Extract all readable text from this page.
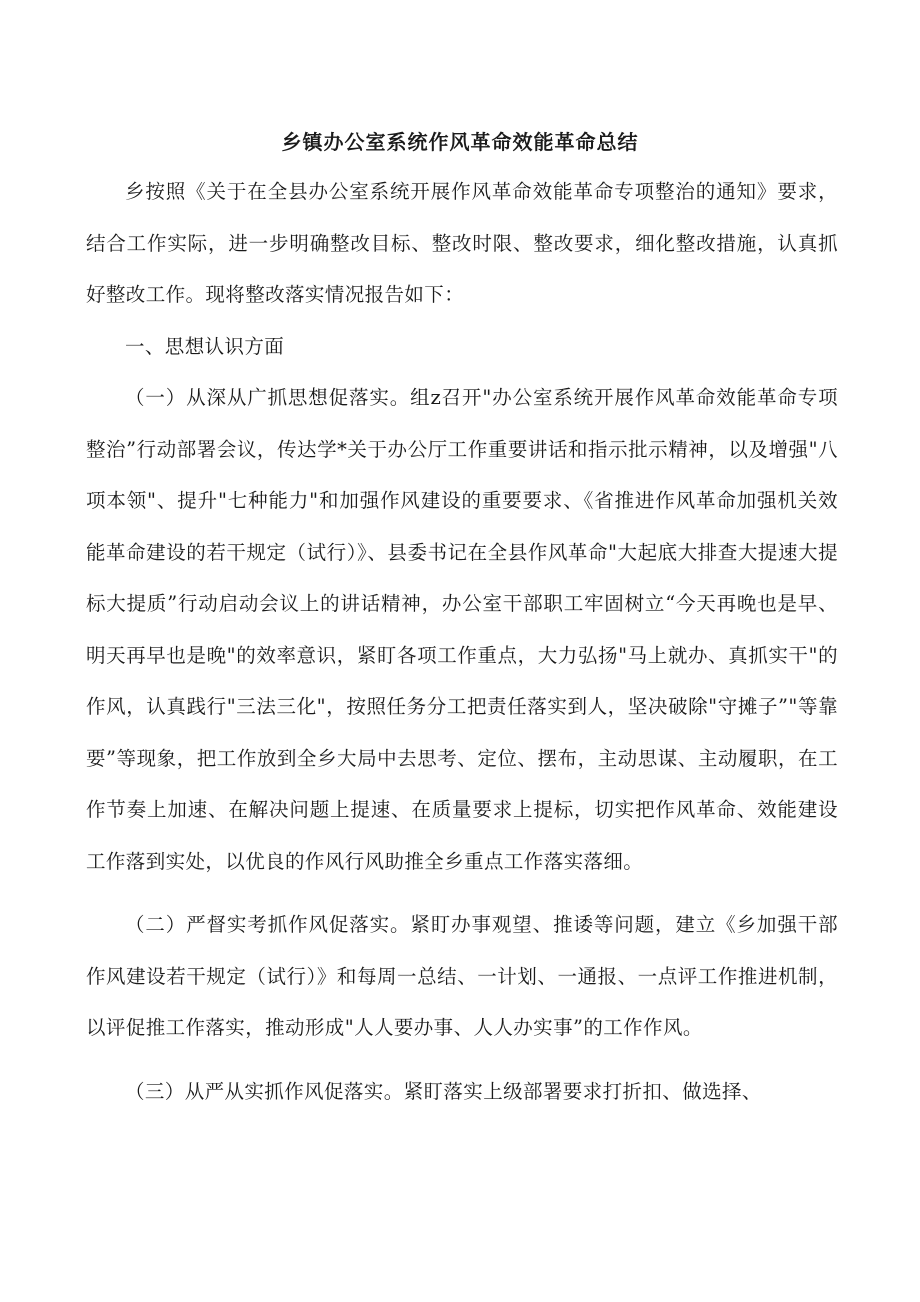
乡镇办公室系统作风革命效能革命总结

乡按照《关于在全县办公室系统开展作风革命效能革命专项整治的通知》要求，结合工作实际，进一步明确整改目标、整改时限、整改要求，细化整改措施，认真抓好整改工作。现将整改落实情况报告如下：

一、思想认识方面

（一）从深从广抓思想促落实。组z召开"办公室系统开展作风革命效能革命专项整治”行动部署会议，传达学*关于办公厅工作重要讲话和指示批示精神，以及增强"八项本领"、提升"七种能力"和加强作风建设的重要要求、《省推进作风革命加强机关效能革命建设的若干规定（试行）》、县委书记在全县作风革命"大起底大排查大提速大提标大提质”行动启动会议上的讲话精神，办公室干部职工牢固树立“今天再晚也是早、明天再早也是晚"的效率意识，紧盯各项工作重点，大力弘扬"马上就办、真抓实干"的作风，认真践行"三法三化"，按照任务分工把责任落实到人，坚决破除"守摊子”"等靠要”等现象，把工作放到全乡大局中去思考、定位、摆布，主动思谋、主动履职，在工作节奏上加速、在解决问题上提速、在质量要求上提标，切实把作风革命、效能建设工作落到实处，以优良的作风行风助推全乡重点工作落实落细。

（二）严督实考抓作风促落实。紧盯办事观望、推诿等问题，建立《乡加强干部作风建设若干规定（试行）》和每周一总结、一计划、一通报、一点评工作推进机制，以评促推工作落实，推动形成"人人要办事、人人办实事”的工作作风。

（三）从严从实抓作风促落实。紧盯落实上级部署要求打折扣、做选择、
